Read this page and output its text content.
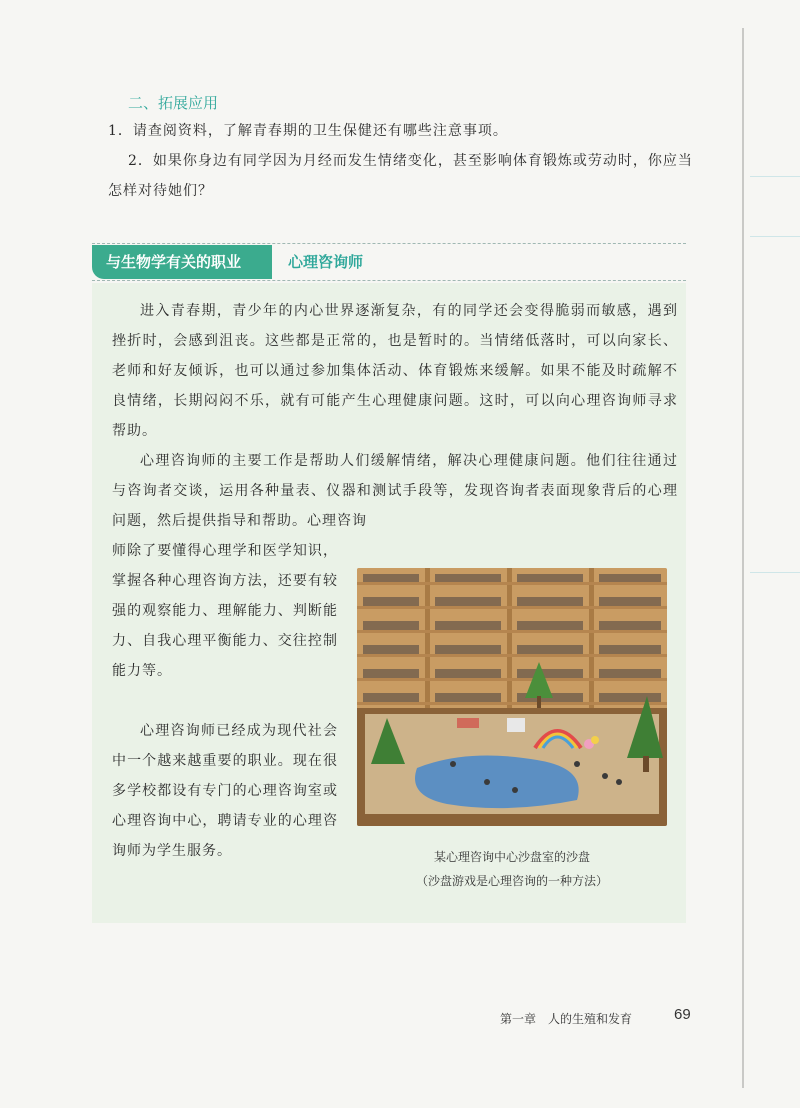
二、拓展应用
1．请查阅资料，了解青春期的卫生保健还有哪些注意事项。
2．如果你身边有同学因为月经而发生情绪变化，甚至影响体育锻炼或劳动时，你应当怎样对待她们？
与生物学有关的职业	心理咨询师
进入青春期，青少年的内心世界逐渐复杂，有的同学还会变得脆弱而敏感，遇到挫折时，会感到沮丧。这些都是正常的，也是暂时的。当情绪低落时，可以向家长、老师和好友倾诉，也可以通过参加集体活动、体育锻炼来缓解。如果不能及时疏解不良情绪，长期闷闷不乐，就有可能产生心理健康问题。这时，可以向心理咨询师寻求帮助。
心理咨询师的主要工作是帮助人们缓解情绪，解决心理健康问题。他们往往通过与咨询者交谈，运用各种量表、仪器和测试手段等，发现咨询者表面现象背后的心理问题，然后提供指导和帮助。心理咨询
师除了要懂得心理学和医学知识，掌握各种心理咨询方法，还要有较强的观察能力、理解能力、判断能力、自我心理平衡能力、交往控制能力等。
心理咨询师已经成为现代社会中一个越来越重要的职业。现在很多学校都设有专门的心理咨询室或心理咨询中心，聘请专业的心理咨询师为学生服务。	某心理咨询中心沙盘室的沙盘
（沙盘游戏是心理咨询的一种方法）
第一章　人的生殖和发育	69
